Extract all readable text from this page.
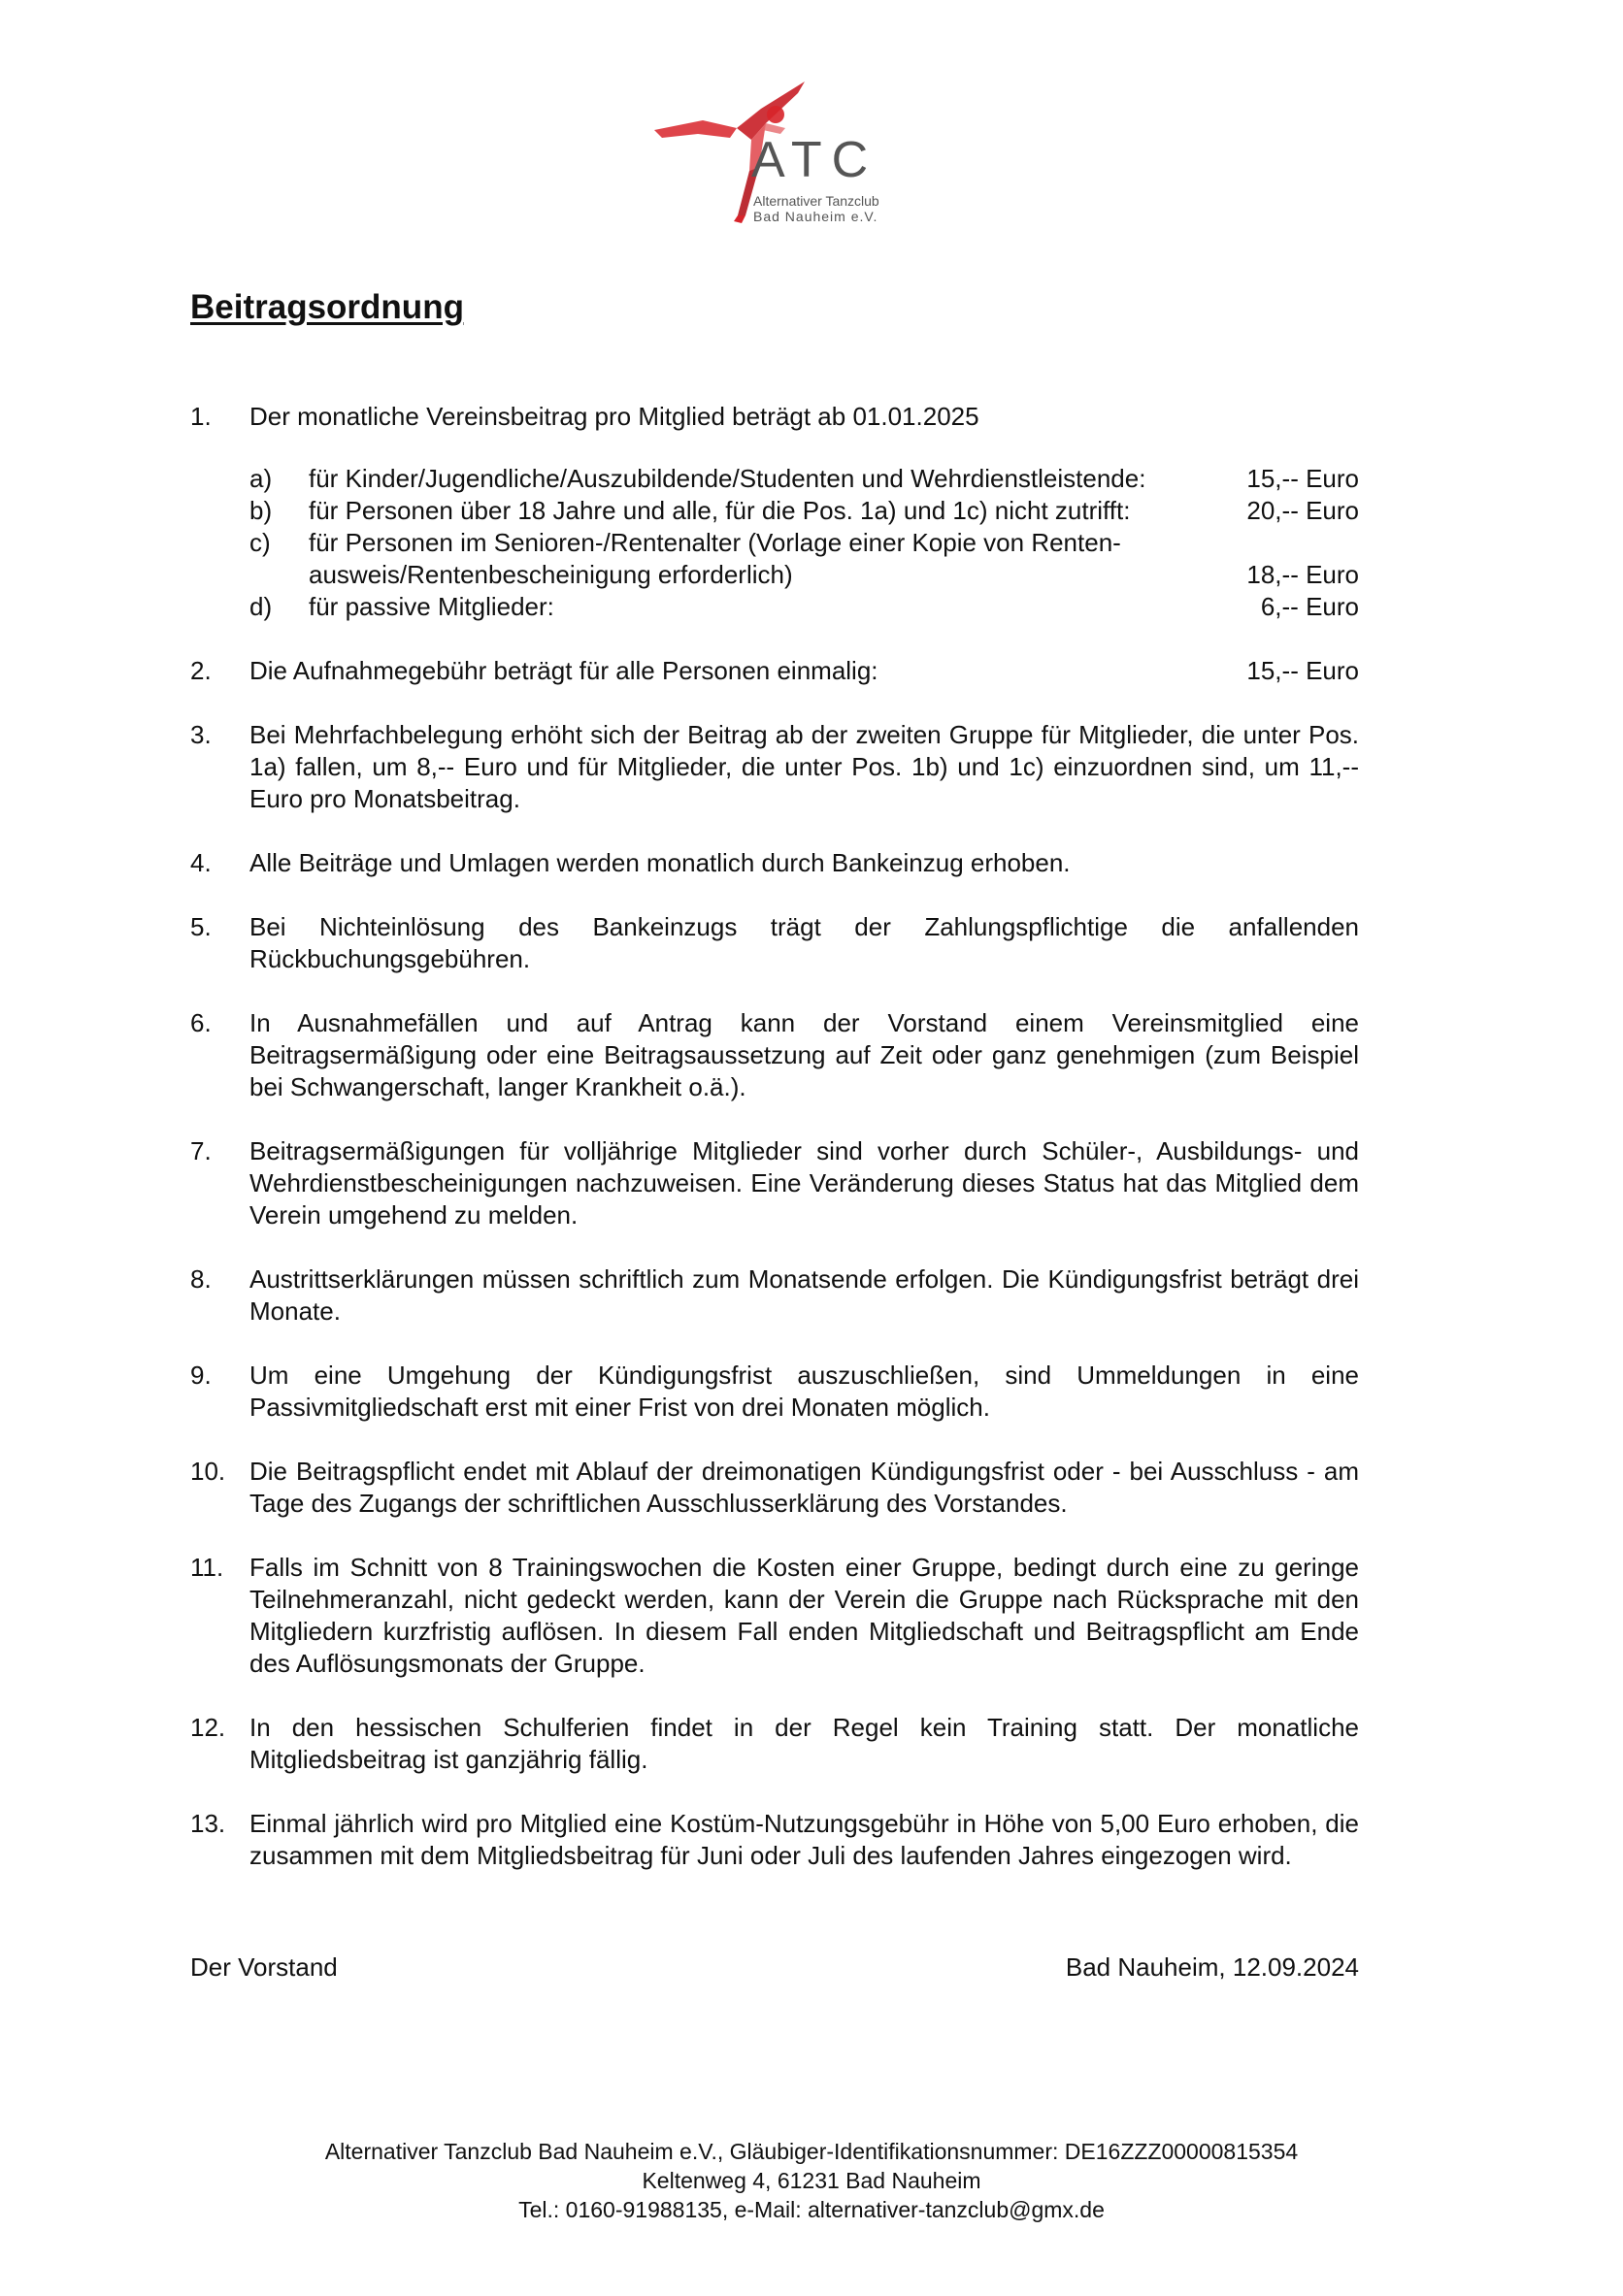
ATC
Alternativer Tanzclub
Bad Nauheim e.V.
Beitragsordnung
1.	Der monatliche Vereinsbeitrag pro Mitglied beträgt ab 01.01.2025
a)	für Kinder/Jugendliche/Auszubildende/Studenten und Wehrdienstleistende:	15,-- Euro
b)	für Personen über 18 Jahre und alle, für die Pos. 1a) und 1c) nicht zutrifft:	20,-- Euro
c)	für Personen im Senioren-/Rentenalter (Vorlage einer Kopie von Renten-
ausweis/Rentenbescheinigung erforderlich)	18,-- Euro
d)	für passive Mitglieder:	6,-- Euro
2.	Die Aufnahmegebühr beträgt für alle Personen einmalig:	15,-- Euro
3.	Bei Mehrfachbelegung erhöht sich der Beitrag ab der zweiten Gruppe für Mitglieder, die unter Pos. 1a) fallen, um 8,-- Euro und für Mitglieder, die unter Pos. 1b) und 1c) einzuordnen sind, um 11,-- Euro pro Monatsbeitrag.
4.	Alle Beiträge und Umlagen werden monatlich durch Bankeinzug erhoben.
5.	Bei Nichteinlösung des Bankeinzugs trägt der Zahlungspflichtige die anfallenden Rückbuchungsgebühren.
6.	In Ausnahmefällen und auf Antrag kann der Vorstand einem Vereinsmitglied eine Beitragsermäßigung oder eine Beitragsaussetzung auf Zeit oder ganz genehmigen (zum Beispiel bei Schwangerschaft, langer Krankheit o.ä.).
7.	Beitragsermäßigungen für volljährige Mitglieder sind vorher durch Schüler-, Ausbildungs- und Wehrdienstbescheinigungen nachzuweisen. Eine Veränderung dieses Status hat das Mitglied dem Verein umgehend zu melden.
8.	Austrittserklärungen müssen schriftlich zum Monatsende erfolgen. Die Kündigungsfrist beträgt drei Monate.
9.	Um eine Umgehung der Kündigungsfrist auszuschließen, sind Ummeldungen in eine Passivmitgliedschaft erst mit einer Frist von drei Monaten möglich.
10. Die Beitragspflicht endet mit Ablauf der dreimonatigen Kündigungsfrist oder - bei Ausschluss - am Tage des Zugangs der schriftlichen Ausschlusserklärung des Vorstandes.
11.	Falls im Schnitt von 8 Trainingswochen die Kosten einer Gruppe, bedingt durch eine zu geringe Teilnehmeranzahl, nicht gedeckt werden, kann der Verein die Gruppe nach Rücksprache mit den Mitgliedern kurzfristig auflösen. In diesem Fall enden Mitgliedschaft und Beitragspflicht am Ende des Auflösungsmonats der Gruppe.
12. In den hessischen Schulferien findet in der Regel kein Training statt. Der monatliche Mitgliedsbeitrag ist ganzjährig fällig.
13. Einmal jährlich wird pro Mitglied eine Kostüm-Nutzungsgebühr in Höhe von 5,00 Euro erhoben, die zusammen mit dem Mitgliedsbeitrag für Juni oder Juli des laufenden Jahres eingezogen wird.
Der Vorstand	Bad Nauheim, 12.09.2024
Alternativer Tanzclub Bad Nauheim e.V., Gläubiger-Identifikationsnummer: DE16ZZZ00000815354
Keltenweg 4, 61231 Bad Nauheim
Tel.: 0160-91988135, e-Mail: alternativer-tanzclub@gmx.de
